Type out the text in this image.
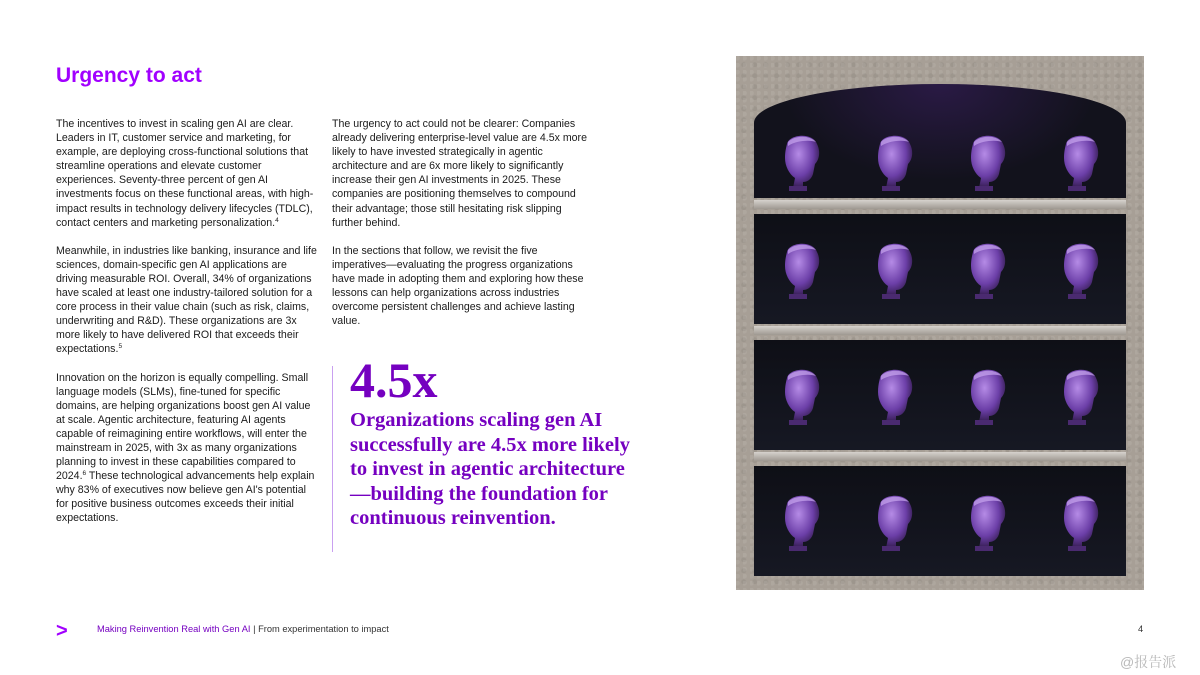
Urgency to act

The incentives to invest in scaling gen AI are clear. Leaders in IT, customer service and marketing, for example, are deploying cross-functional solutions that streamline operations and elevate customer experiences. Seventy-three percent of gen AI investments focus on these functional areas, with high-impact results in technology delivery lifecycles (TDLC), contact centers and marketing personalization.$^4$

Meanwhile, in industries like banking, insurance and life sciences, domain-specific gen AI applications are driving measurable ROI. Overall, 34% of organizations have scaled at least one industry-tailored solution for a core process in their value chain (such as risk, claims, underwriting and R&D). These organizations are 3x more likely to have delivered ROI that exceeds their expectations.$^5$

Innovation on the horizon is equally compelling. Small language models (SLMs), fine-tuned for specific domains, are helping organizations boost gen AI value at scale. Agentic architecture, featuring AI agents capable of reimagining entire workflows, will enter the mainstream in 2025, with 3x as many organizations planning to invest in these capabilities compared to 2024.$^6$ These technological advancements help explain why 83% of executives now believe gen AI's potential for positive business outcomes exceeds their initial expectations.

The urgency to act could not be clearer: Companies already delivering enterprise-level value are 4.5x more likely to have invested strategically in agentic architecture and are 6x more likely to significantly increase their gen AI investments in 2025. These companies are positioning themselves to compound their advantage; those still hesitating risk slipping further behind.

In the sections that follow, we revisit the five imperatives—evaluating the progress organizations have made in adopting them and exploring how these lessons can help organizations across industries overcome persistent challenges and achieve lasting value.

4.5x
Organizations scaling gen AI successfully are 4.5x more likely to invest in agentic architecture—building the foundation for continuous reinvention.
>	Making Reinvention Real with Gen AI | From experimentation to impact	4
@报告派
